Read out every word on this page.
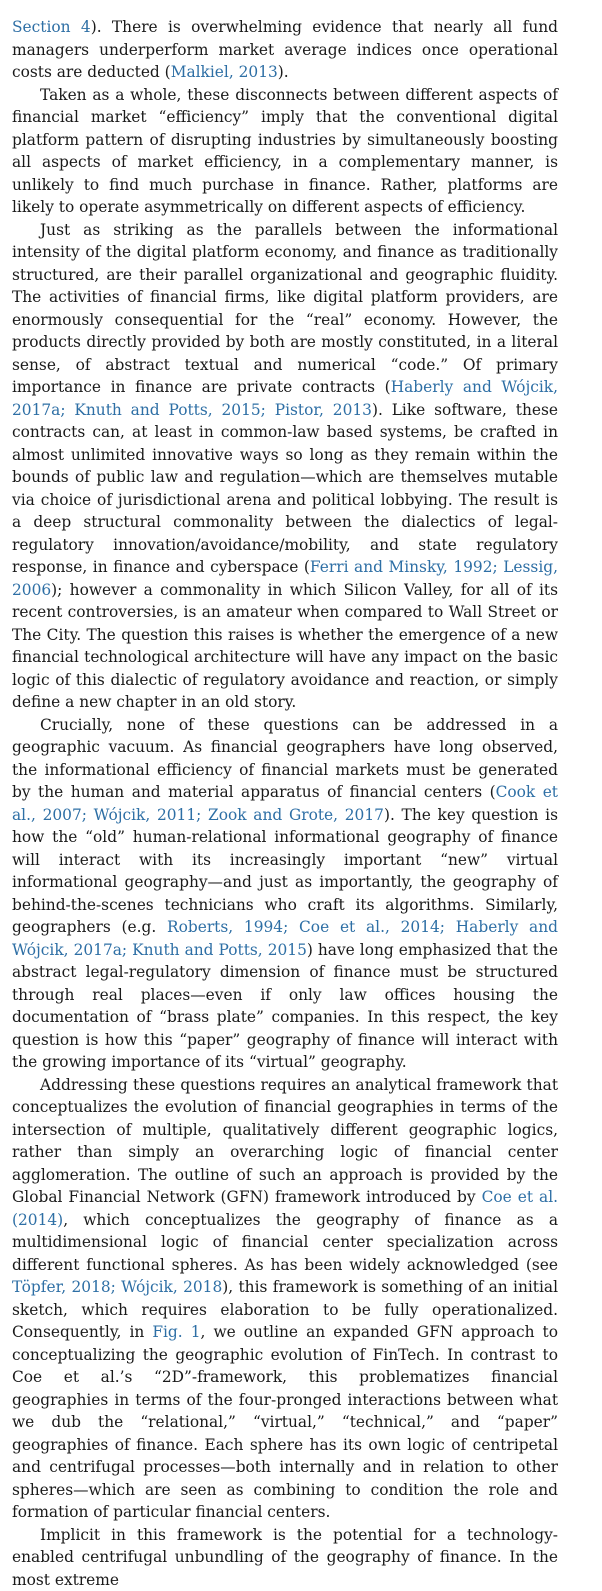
Section 4). There is overwhelming evidence that nearly all fund managers underperform market average indices once operational costs are deducted (Malkiel, 2013).

Taken as a whole, these disconnects between different aspects of financial market “efficiency” imply that the conventional digital platform pattern of disrupting industries by simultaneously boosting all aspects of market efficiency, in a complementary manner, is unlikely to find much purchase in finance. Rather, platforms are likely to operate asymmetrically on different aspects of efficiency.

Just as striking as the parallels between the informational intensity of the digital platform economy, and finance as traditionally structured, are their parallel organizational and geographic fluidity. The activities of financial firms, like digital platform providers, are enormously consequential for the “real” economy. However, the products directly provided by both are mostly constituted, in a literal sense, of abstract textual and numerical “code.” Of primary importance in finance are private contracts (Haberly and Wójcik, 2017a; Knuth and Potts, 2015; Pistor, 2013). Like software, these contracts can, at least in common-law based systems, be crafted in almost unlimited innovative ways so long as they remain within the bounds of public law and regulation—which are themselves mutable via choice of jurisdictional arena and political lobbying. The result is a deep structural commonality between the dialectics of legal-regulatory innovation/avoidance/mobility, and state regulatory response, in finance and cyberspace (Ferri and Minsky, 1992; Lessig, 2006); however a commonality in which Silicon Valley, for all of its recent controversies, is an amateur when compared to Wall Street or The City. The question this raises is whether the emergence of a new financial technological architecture will have any impact on the basic logic of this dialectic of regulatory avoidance and reaction, or simply define a new chapter in an old story.

Crucially, none of these questions can be addressed in a geographic vacuum. As financial geographers have long observed, the informational efficiency of financial markets must be generated by the human and material apparatus of financial centers (Cook et al., 2007; Wójcik, 2011; Zook and Grote, 2017). The key question is how the “old” human-relational informational geography of finance will interact with its increasingly important “new” virtual informational geography—and just as importantly, the geography of behind-the-scenes technicians who craft its algorithms. Similarly, geographers (e.g. Roberts, 1994; Coe et al., 2014; Haberly and Wójcik, 2017a; Knuth and Potts, 2015) have long emphasized that the abstract legal-regulatory dimension of finance must be structured through real places—even if only law offices housing the documentation of “brass plate” companies. In this respect, the key question is how this “paper” geography of finance will interact with the growing importance of its “virtual” geography.

Addressing these questions requires an analytical framework that conceptualizes the evolution of financial geographies in terms of the intersection of multiple, qualitatively different geographic logics, rather than simply an overarching logic of financial center agglomeration. The outline of such an approach is provided by the Global Financial Network (GFN) framework introduced by Coe et al. (2014), which conceptualizes the geography of finance as a multidimensional logic of financial center specialization across different functional spheres. As has been widely acknowledged (see Töpfer, 2018; Wójcik, 2018), this framework is something of an initial sketch, which requires elaboration to be fully operationalized. Consequently, in Fig. 1, we outline an expanded GFN approach to conceptualizing the geographic evolution of FinTech. In contrast to Coe et al.’s “2D”-framework, this problematizes financial geographies in terms of the four-pronged interactions between what we dub the “relational,” “virtual,” “technical,” and “paper” geographies of finance. Each sphere has its own logic of centripetal and centrifugal processes—both internally and in relation to other spheres—which are seen as combining to condition the role and formation of particular financial centers.

Implicit in this framework is the potential for a technology-enabled centrifugal unbundling of the geography of finance. In the most extreme
